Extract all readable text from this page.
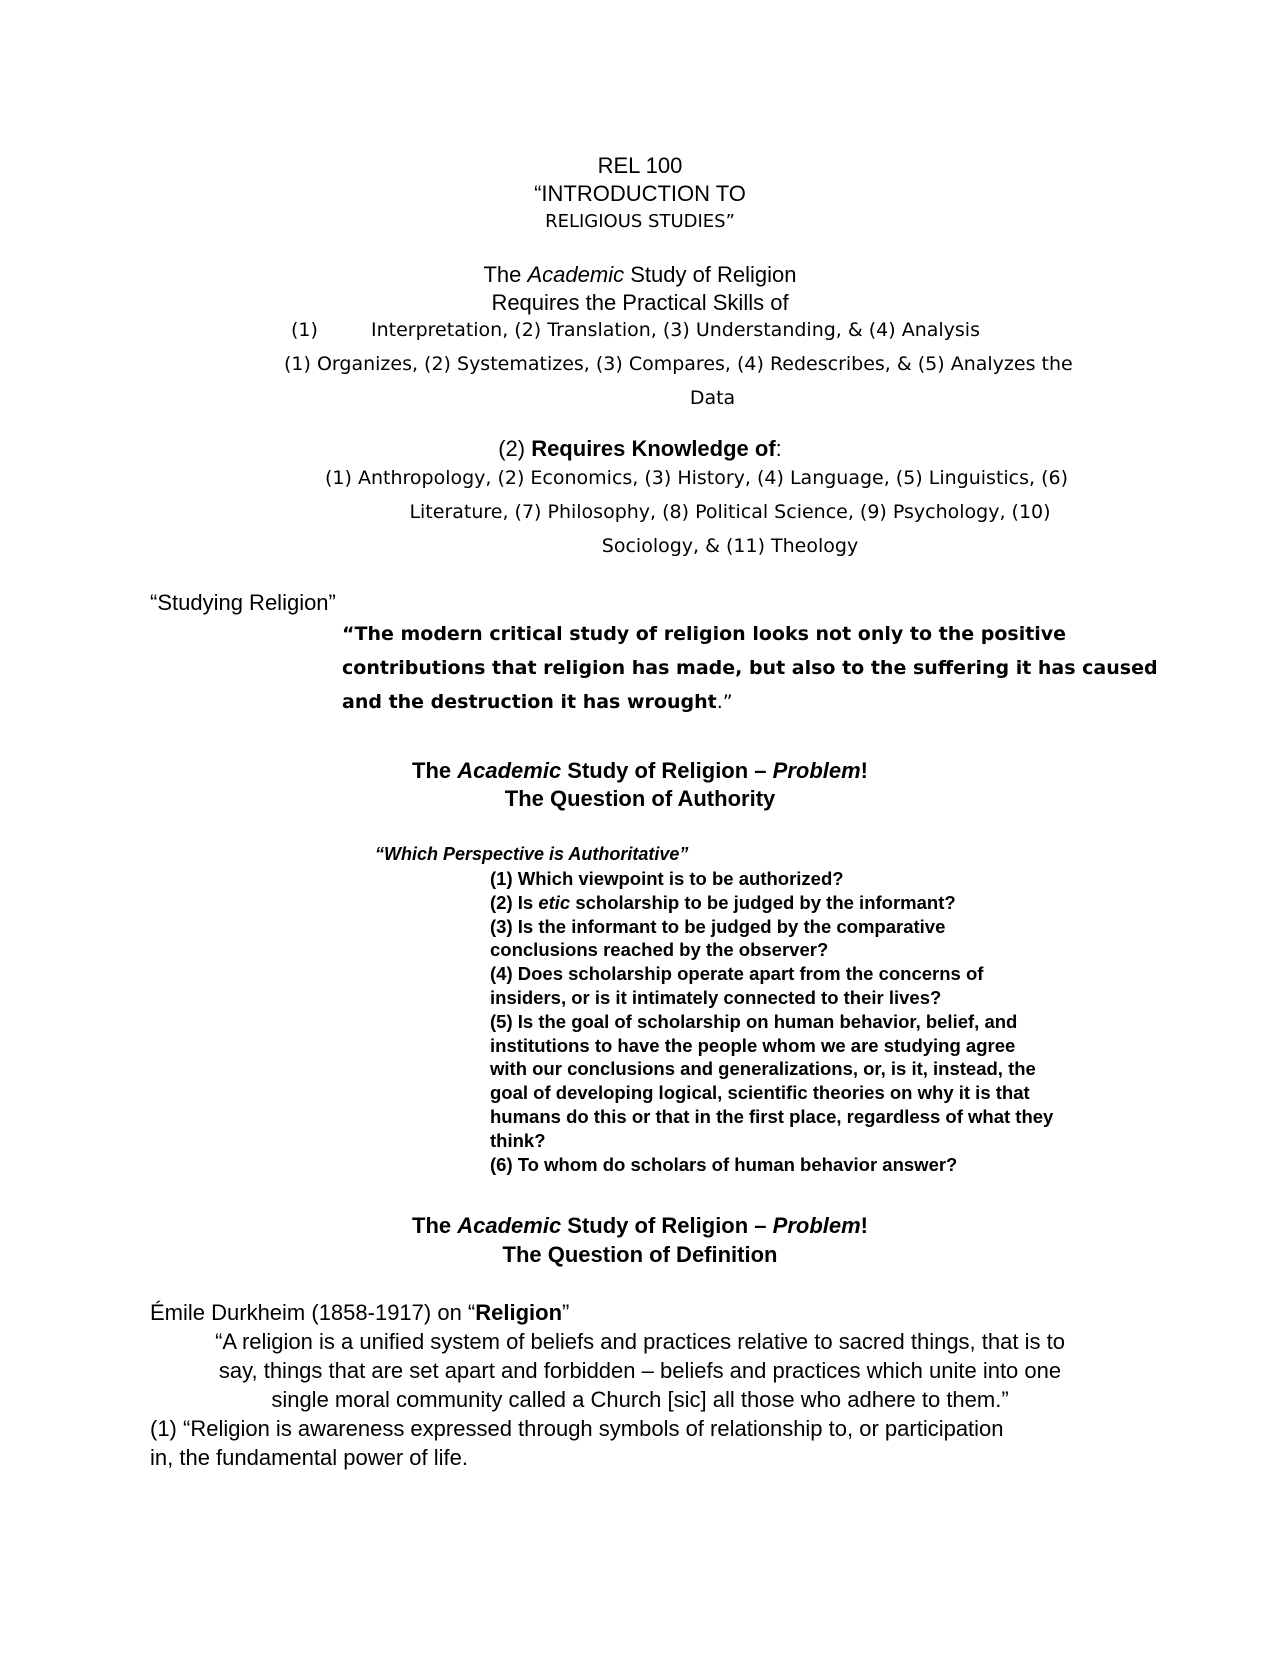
REL 100
“INTRODUCTION TO
RELIGIOUS STUDIES”
The Academic Study of Religion
Requires the Practical Skills of
(1)	Interpretation, (2) Translation, (3) Understanding, & (4) Analysis
(1) Organizes, (2) Systematizes, (3) Compares, (4) Redescribes, & (5) Analyzes the
Data
(2) Requires Knowledge of:
(1) Anthropology, (2) Economics, (3) History, (4) Language, (5) Linguistics, (6)
Literature, (7) Philosophy, (8) Political Science, (9) Psychology, (10)
Sociology, & (11) Theology
“Studying Religion”
“The modern critical study of religion looks not only to the positive
contributions that religion has made, but also to the suffering it has caused
and the destruction it has wrought.”
The Academic Study of Religion – Problem!
The Question of Authority
“Which Perspective is Authoritative”
(1) Which viewpoint is to be authorized?
(2) Is etic scholarship to be judged by the informant?
(3) Is the informant to be judged by the comparative
conclusions reached by the observer?
(4) Does scholarship operate apart from the concerns of
insiders, or is it intimately connected to their lives?
(5) Is the goal of scholarship on human behavior, belief, and
institutions to have the people whom we are studying agree
with our conclusions and generalizations, or, is it, instead, the
goal of developing logical, scientific theories on why it is that
humans do this or that in the first place, regardless of what they
think?
(6) To whom do scholars of human behavior answer?
The Academic Study of Religion – Problem!
The Question of Definition
Émile Durkheim (1858-1917) on “Religion”
“A religion is a unified system of beliefs and practices relative to sacred things, that is to
say, things that are set apart and forbidden – beliefs and practices which unite into one
single moral community called a Church [sic] all those who adhere to them.”
(1) “Religion is awareness expressed through symbols of relationship to, or participation
in, the fundamental power of life.
